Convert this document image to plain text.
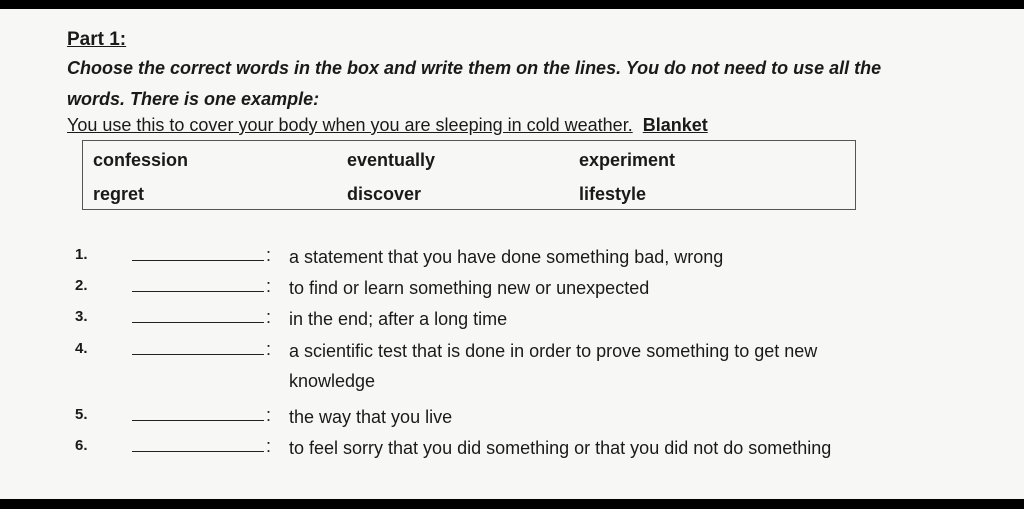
Part 1:
Choose the correct words in the box and write them on the lines. You do not need to use all the words. There is one example:
You use this to cover your body when you are sleeping in cold weather. Blanket
confession	eventually	experiment
regret	discover	lifestyle
1.	: a statement that you have done something bad, wrong
2.	: to find or learn something new or unexpected
3.	: in the end; after a long time
4.	: a scientific test that is done in order to prove something to get new knowledge
5.	: the way that you live
6.	: to feel sorry that you did something or that you did not do something
